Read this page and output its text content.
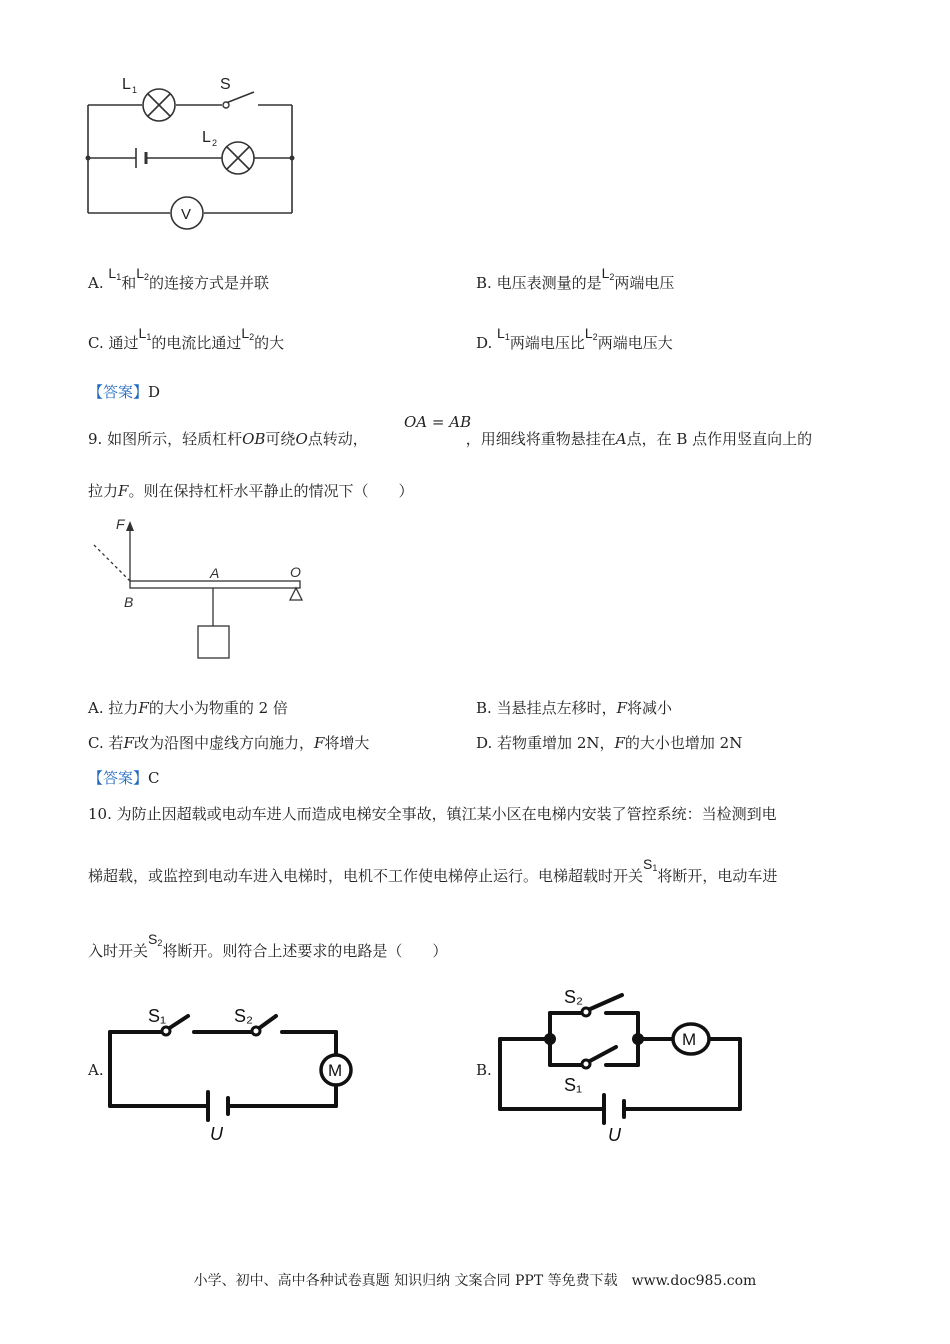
V
L 1	S
L 2
A. $L_1$和$L_2$的连接方式是并联	B. 电压表测量的是$L_2$两端电压
C. 通过$L_1$的电流比通过$L_2$的大	D. $L_1$两端电压比$L_2$两端电压大
【答案】D
OA = AB
9. 如图所示，轻质杠杆OB可绕O点转动，	，用细线将重物悬挂在A点，在 B 点作用竖直向上的
拉力F。则在保持杠杆水平静止的情况下（　　）
F
A	O
B
A. 拉力F的大小为物重的 2 倍	B. 当悬挂点左移时，F将减小
C. 若F改为沿图中虚线方向施力，F将增大	D. 若物重增加 2N，F的大小也增加 2N
【答案】C
10. 为防止因超载或电动车进人而造成电梯安全事故，镇江某小区在电梯内安装了管控系统：当检测到电
梯超载，或监控到电动车进入电梯时，电机不工作使电梯停止运行。电梯超载时开关$S_1$将断开，电动车进
入时开关$S_2$将断开。则符合上述要求的电路是（　　）
A.	M
S₁	S₂
U
B.
M
S₂
S₁
U
小学、初中、高中各种试卷真题 知识归纳 文案合同 PPT 等免费下载　www.doc985.com
